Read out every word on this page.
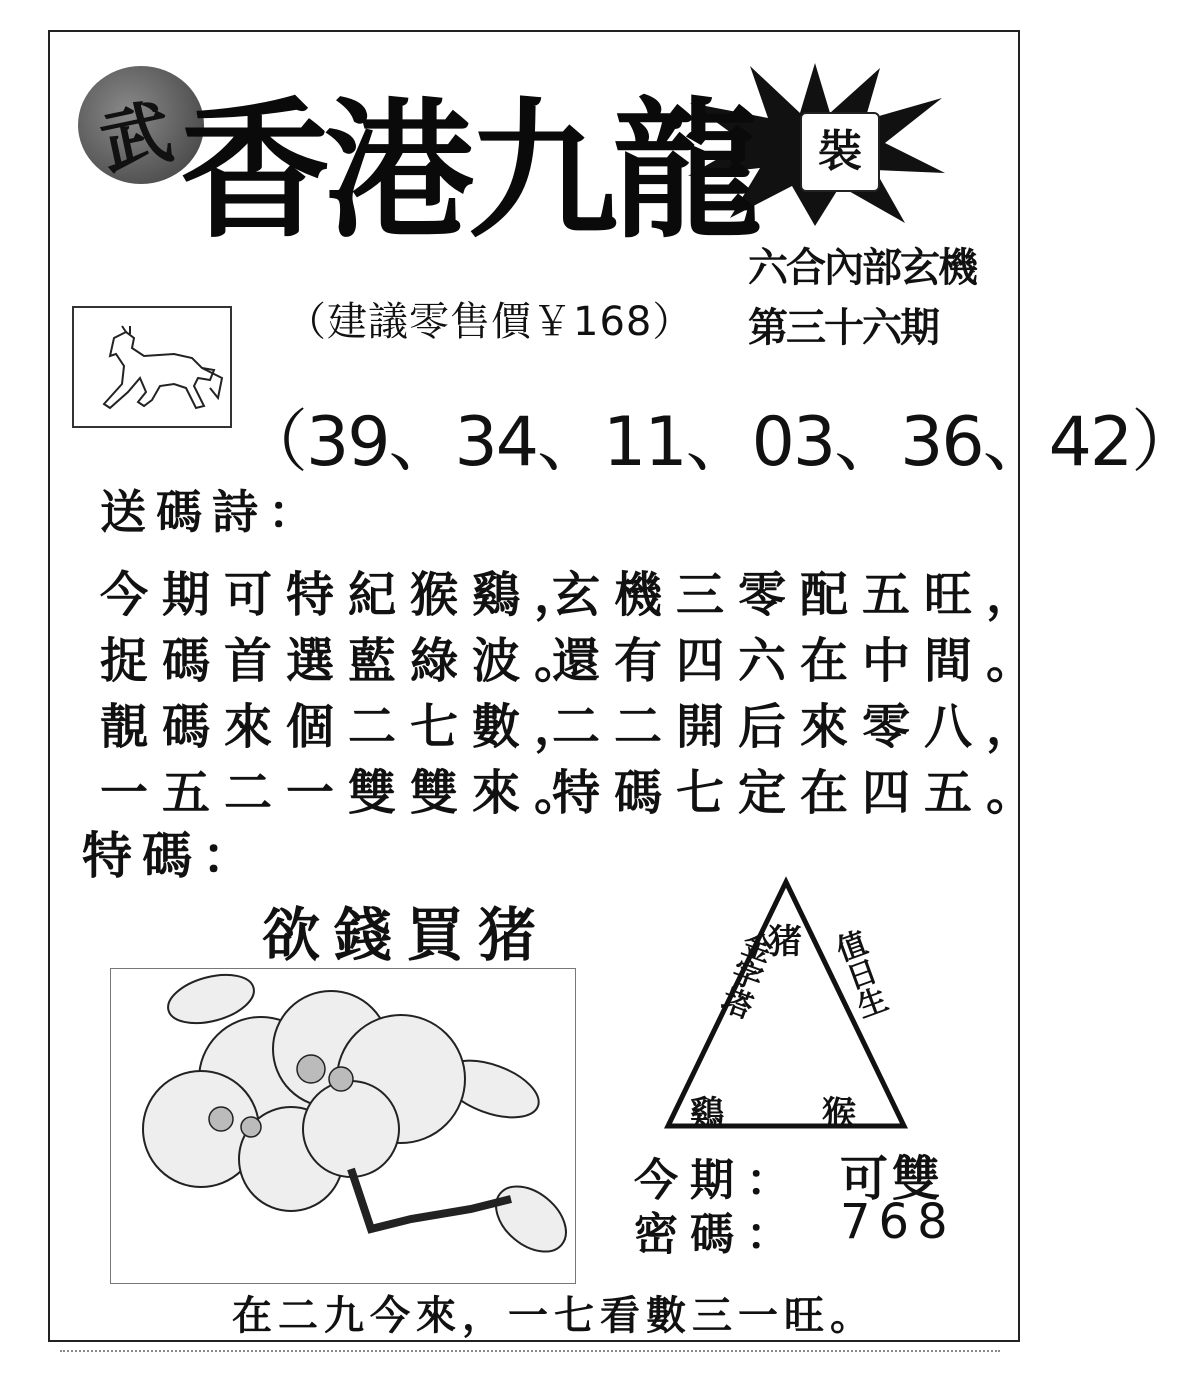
武	裝
香港九龍
六合內部玄機
第三十六期
（建議零售價￥168）
（39、34、11、03、36、42）
送碼詩：
今期可特紀猴鷄，
玄機三零配五旺，
捉碼首選藍綠波。
還有四六在中間。
靚碼來個二七數，
二二開后來零八，
一五二一雙雙來。
特碼七定在四五。
特碼：
欲錢買猪	猪
金字塔 值日生
鷄	猴
今期： 可雙
密碼： 768
在二九今來，一七看數三一旺。
